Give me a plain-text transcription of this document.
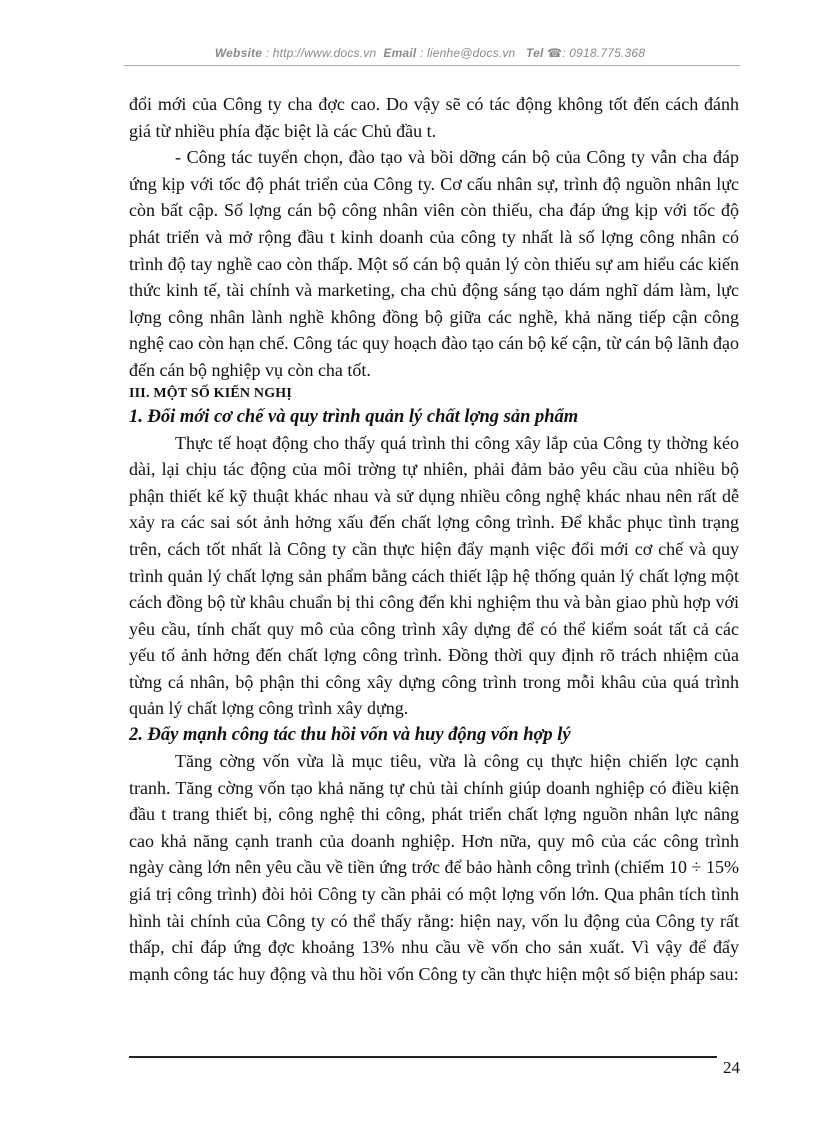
Website : http://www.docs.vn Email : lienhe@docs.vn Tel ☎: 0918.775.368

đổi mới của Công ty cha đợc cao. Do vậy sẽ có tác động không tốt đến cách đánh giá từ nhiều phía đặc biệt là các Chủ đầu t.

- Công tác tuyển chọn, đào tạo và bồi dỡng cán bộ của Công ty vẫn cha đáp ứng kịp với tốc độ phát triển của Công ty. Cơ cấu nhân sự, trình độ nguồn nhân lực còn bất cập. Số lợng cán bộ công nhân viên còn thiếu, cha đáp ứng kịp với tốc độ phát triển và mở rộng đầu t kinh doanh của công ty nhất là số lợng công nhân có trình độ tay nghề cao còn thấp. Một số cán bộ quản lý còn thiếu sự am hiểu các kiến thức kinh tế, tài chính và marketing, cha chủ động sáng tạo dám nghĩ dám làm, lực lợng công nhân lành nghề không đồng bộ giữa các nghề, khả năng tiếp cận công nghệ cao còn hạn chế. Công tác quy hoạch đào tạo cán bộ kế cận, từ cán bộ lãnh đạo đến cán bộ nghiệp vụ còn cha tốt.

III. MỘT SỐ KIẾN NGHỊ

1. Đổi mới cơ chế và quy trình quản lý chất lợng sản phẩm

Thực tế hoạt động cho thấy quá trình thi công xây lắp của Công ty thờng kéo dài, lại chịu tác động của môi trờng tự nhiên, phải đảm bảo yêu cầu của nhiều bộ phận thiết kế kỹ thuật khác nhau và sử dụng nhiều công nghệ khác nhau nên rất dễ xảy ra các sai sót ảnh hởng xấu đến chất lợng công trình. Để khắc phục tình trạng trên, cách tốt nhất là Công ty cần thực hiện đẩy mạnh việc đổi mới cơ chế và quy trình quản lý chất lợng sản phẩm bằng cách thiết lập hệ thống quản lý chất lợng một cách đồng bộ từ khâu chuẩn bị thi công đến khi nghiệm thu và bàn giao phù hợp với yêu cầu, tính chất quy mô của công trình xây dựng để có thể kiểm soát tất cả các yếu tố ảnh hởng đến chất lợng công trình. Đồng thời quy định rõ trách nhiệm của từng cá nhân, bộ phận thi công xây dựng công trình trong mỗi khâu của quá trình quản lý chất lợng công trình xây dựng.

2. Đẩy mạnh công tác thu hồi vốn và huy động vốn hợp lý

Tăng cờng vốn vừa là mục tiêu, vừa là công cụ thực hiện chiến lợc cạnh tranh. Tăng cờng vốn tạo khả năng tự chủ tài chính giúp doanh nghiệp có điều kiện đầu t trang thiết bị, công nghệ thi công, phát triển chất lợng nguồn nhân lực nâng cao khả năng cạnh tranh của doanh nghiệp. Hơn nữa, quy mô của các công trình ngày càng lớn nên yêu cầu về tiền ứng trớc để bảo hành công trình (chiếm 10 ÷ 15% giá trị công trình) đòi hỏi Công ty cần phải có một lợng vốn lớn. Qua phân tích tình hình tài chính của Công ty có thể thấy rằng: hiện nay, vốn lu động của Công ty rất thấp, chỉ đáp ứng đợc khoảng 13% nhu cầu về vốn cho sản xuất. Vì vậy để đẩy mạnh công tác huy động và thu hồi vốn Công ty cần thực hiện một số biện pháp sau:

24
